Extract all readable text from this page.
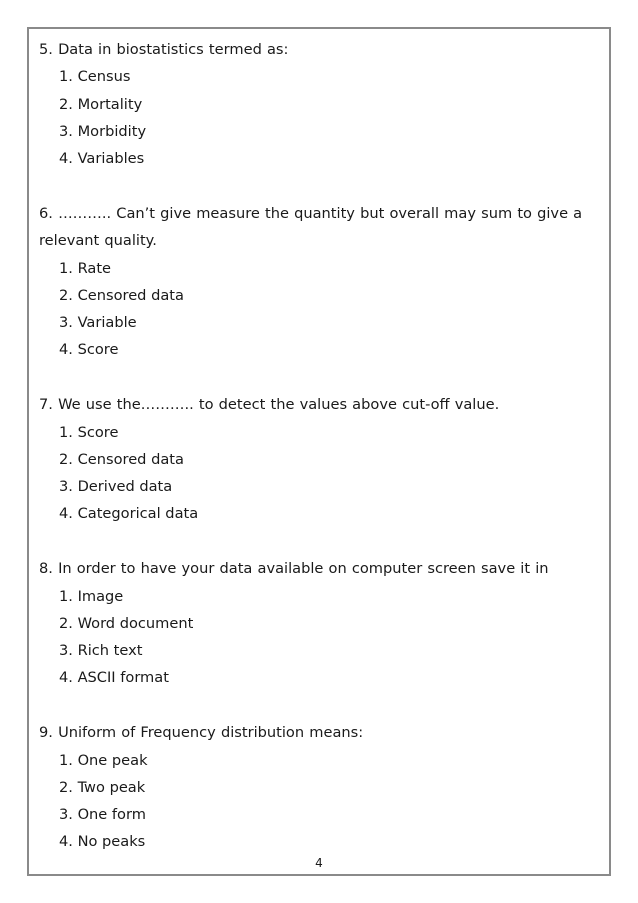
5. Data in biostatistics termed as:

1. Census
2. Mortality
3. Morbidity
4. Variables

6. ……….. Can’t give measure the quantity but overall may sum to give a relevant quality.

1. Rate
2. Censored data
3. Variable
4. Score

7. We use the……….. to detect the values above cut-off value.

1. Score
2. Censored data
3. Derived data
4. Categorical data

8. In order to have your data available on computer screen save it in

1. Image
2. Word document
3. Rich text
4. ASCII format

9. Uniform of Frequency distribution means:

1. One peak
2. Two peak
3. One form
4. No peaks
4
